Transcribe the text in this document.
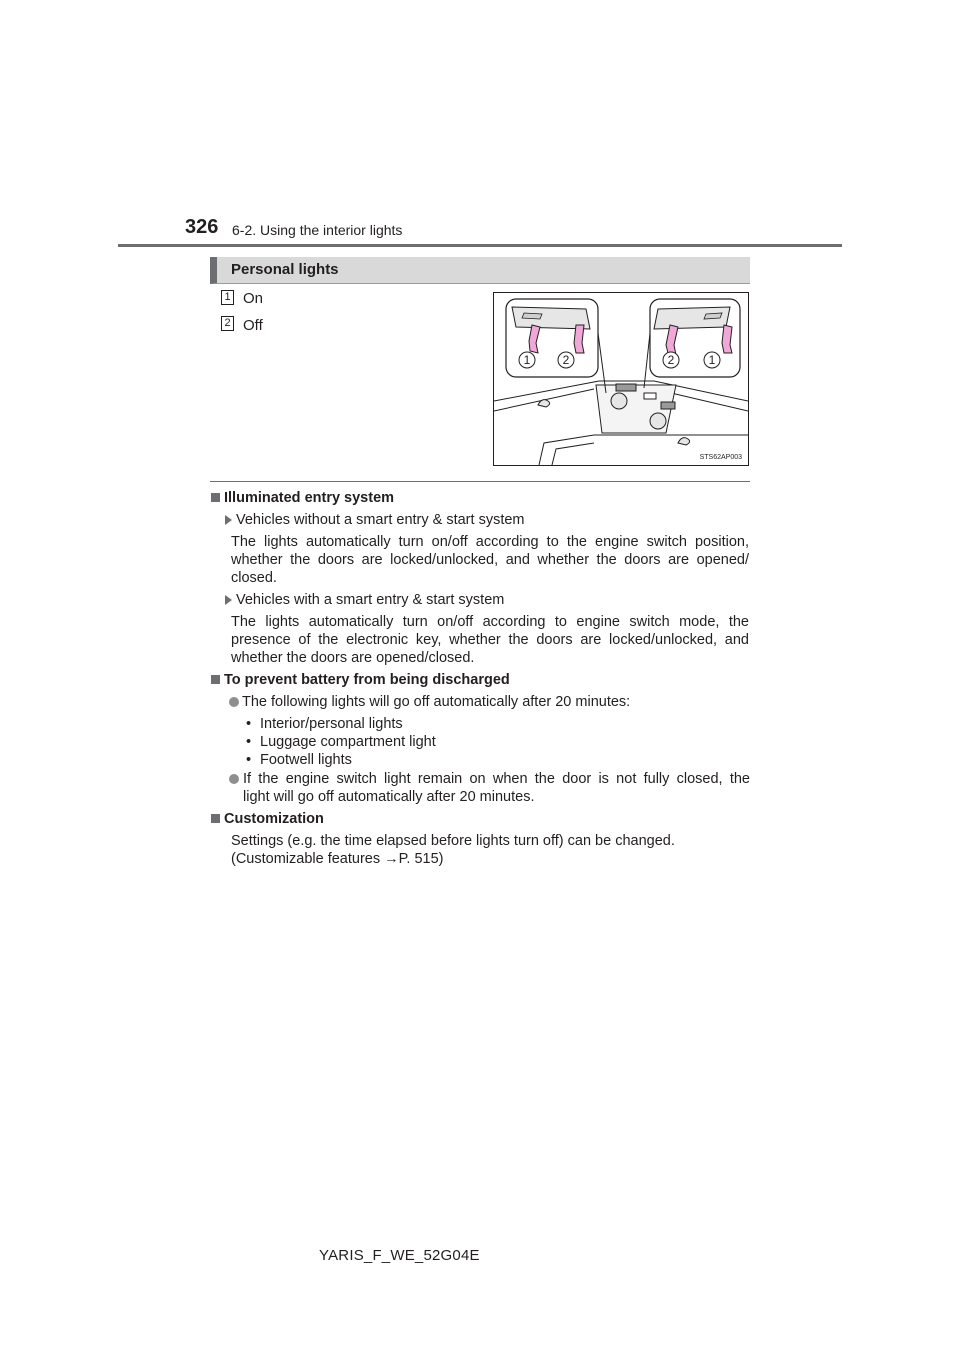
326 6-2. Using the interior lights
Personal lights
1 On
2 Off
1	2	2	1
STS62AP003
Illuminated entry system
Vehicles without a smart entry & start system
The lights automatically turn on/off according to the engine switch position,
whether the doors are locked/unlocked, and whether the doors are opened/
closed.
Vehicles with a smart entry & start system
The lights automatically turn on/off according to engine switch mode, the
presence of the electronic key, whether the doors are locked/unlocked, and
whether the doors are opened/closed.
To prevent battery from being discharged
The following lights will go off automatically after 20 minutes:
• Interior/personal lights
• Luggage compartment light
• Footwell lights
If the engine switch light remain on when the door is not fully closed, the
light will go off automatically after 20 minutes.
Customization
Settings (e.g. the time elapsed before lights turn off) can be changed.
(Customizable features →P. 515)
YARIS_F_WE_52G04E
